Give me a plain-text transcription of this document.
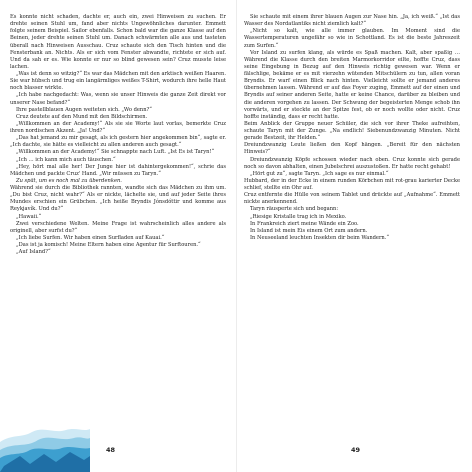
Es konnte nicht schaden, dachte er, auch ein, zwei Hinweisen zu suchen. Er drehte seinen Stuhl um, fand aber nichts Ungewöhnliches darunter. Emmett folgte seinem Beispiel. Sailor ebenfalls. Schon bald war die ganze Klasse auf den Beinen, jeder drehte seinen Stuhl um. Danach schwärmten alle aus und tasteten überall nach Hinweisen Ausschau. Cruz schaute sich den Tisch hinten und die Fensterbank an. Nichts. Als er sich vom Fenster abwandte, richtete er sich auf. Und da sah er es. Wie konnte er nur so blind gewesen sein? Cruz musste leise lachen.

„Was ist denn so witzig?“ Es war das Mädchen mit den arktisch weißen Haaren. Sie war hübsch und trug ein langärmliges weißes T-Shirt, wodurch ihre helle Haut noch blasser wirkte.

„Ich habe nachgedacht: Was, wenn sie unser Hinweis die ganze Zeit direkt vor unserer Nase befand?“

Ihre pastellblauen Augen weiteten sich. „Wo denn?“

Cruz deutete auf den Mund mit den Bildschirmen.

„Willkommen an der Academy!“ Als sie sie Worte laut vorlas, bemerkte Cruz ihren nordischen Akzent. „Ja! Und?“

„Das hat jemand zu mir gesagt, als ich gestern hier angekommen bin“, sagte er. „Ich dachte, sie hätte es vielleicht zu allen anderen auch gesagt.“

„Willkommen an der Academy!“ Sie schnappte nach Luft. „Ist Es ist Taryn!“

„Ich … ich kann mich auch täuschen.“

„Hey, hört mal alle her! Der Junge hier ist dahintergekommen!“, schrie das Mädchen und packte Cruz' Hand. „Wir müssen zu Taryn.“

Zu spät, um es noch mal zu überdenken.

Während sie durch die Bibliothek rannten, wandte sich das Mädchen zu ihm um. „Du bist Cruz, nicht wahr?“ Als er nickte, lächelte sie, und auf jeder Seite ihres Mundes erschien ein Grübchen. „Ich heiße Bryndis Jónsdóttir und komme aus Reykjavík. Und du?“

„Hawaii.“

Zwei verschiedene Welten. Meine Frage ist wahrscheinlich alles andere als originell, aber surfst du?“

„Ich liebe Surfen. Wir haben einen Surfladen auf Kauai.“

„Das ist ja komisch! Meine Eltern haben eine Agentur für Surftouren.“

„Auf Island?“

Sie schaute mit einem ihrer blauen Augen zur Nase hin. „Ja, ich weiß.“ „Ist das Wasser des Nordatlantiks nicht ziemlich kalt?“

„Nicht so kalt, wie alle immer glauben. Im Moment sind die Wassertemperaturen ungefähr so wie in Schottland. Es ist die beste Jahreszeit zum Surfen.“

Vor Island zu surfen klang, als würde es Spaß machen. Kalt, aber spaßig … Während die Klasse durch den breiten Marmorkorridor eilte, hoffte Cruz, dass seine Eingebung in Bezug auf den Hinweis richtig gewesen war. Wenn er fälschlige, bekäme er es mit vierzehn wütenden Mitschülern zu tun, allen voran Bryndis. Er warf einen Blick nach hinten. Vielleicht sollte er jemand anderes übernehmen lassen. Während er auf das Foyer zuging, Emmett auf der einen und Bryndis auf seiner anderen Seite, hatte er keine Chance, darüber zu bleiben und die anderen vorgehen zu lassen. Der Schwung der begeisterten Menge schob ihn vorwärts, und er steckte an der Spitze fest, ob er noch wollte oder nicht. Cruz hoffte inständig, dass er recht hatte.

Beim Anblick der Gruppe neuer Schüler, die sich vor ihrer Theke aufreihten, schaute Taryn mit der Zunge. „Na endlich! Siebenundzwanzig Minuten. Nicht gerade Bestzeit, ihr Helden.“

Dreiundzwanzig Leute ließen den Kopf hängen. „Bereit für den nächsten Hinweis?“

Dreiundzwanzig Köpfe schossen wieder nach oben. Cruz konnte sich gerade noch so davon abhalten, einen Jubelschrei auszustoßen. Er hatte recht gehabt!

„Hört gut zu“, sagte Taryn. „Ich sage es nur einmal.“

Hubbard, der in der Ecke in einem runden Körbchen mit rot-grau karierter Decke schlief, stellte ein Ohr auf.

Cruz entfernte die Hülle von seinem Tablet und drückte auf „Aufnahme“. Emmett nickte anerkennend.

Taryn räusperte sich und begann:

„Riesige Kristalle trag ich in Mexiko.

In Frankreich ziert meine Wände ein Zoo.

In Island ist mein Eis einem Ort zum andern.

In Neuseeland leuchten Insekten dir beim Wandern.“

48	49
